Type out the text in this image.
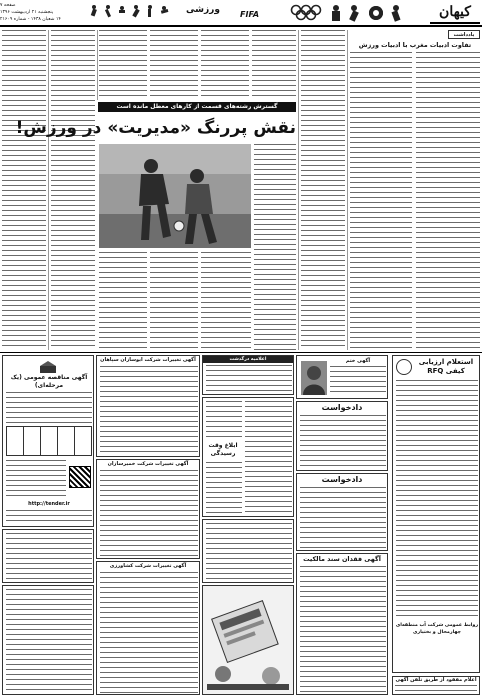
صفحه ۷
پنجشنبه ۲۱ اردیبهشت ۱۳۹۶
۱۴ شعبان ۱۴۳۸ - شماره ۲۱۶۰۹
ورزشی	FIFA	کیهان
گسترش رشته‌های قسمت از کارهای معطل مانده است
نقش پررنگ «مدیریت» در ورزش!
یادداشت
تفاوت ادبیات مغرب با ادبیات ورزش
استعلام ارزیابی کیفی RFQ
روابط عمومی شرکت آب منطقه‌ای چهارمحال و بختیاری
اعلام مفقود از طریق تلفن آگهی
آگهی ختم
دادخواست
دادخواست
آگهی فقدان سند مالکیت
اعلامیه درگذشت
ابلاغ وقت رسیدگی
آگهی تغییرات شرکت ایوسازان سپاهان
آگهی تغییرات شرکت خمیرسازان
آگهی تغییرات شرکت کشاورزی
آگهی مناقصه عمومی (یک مرحله‌ای)
http://tender.ir
